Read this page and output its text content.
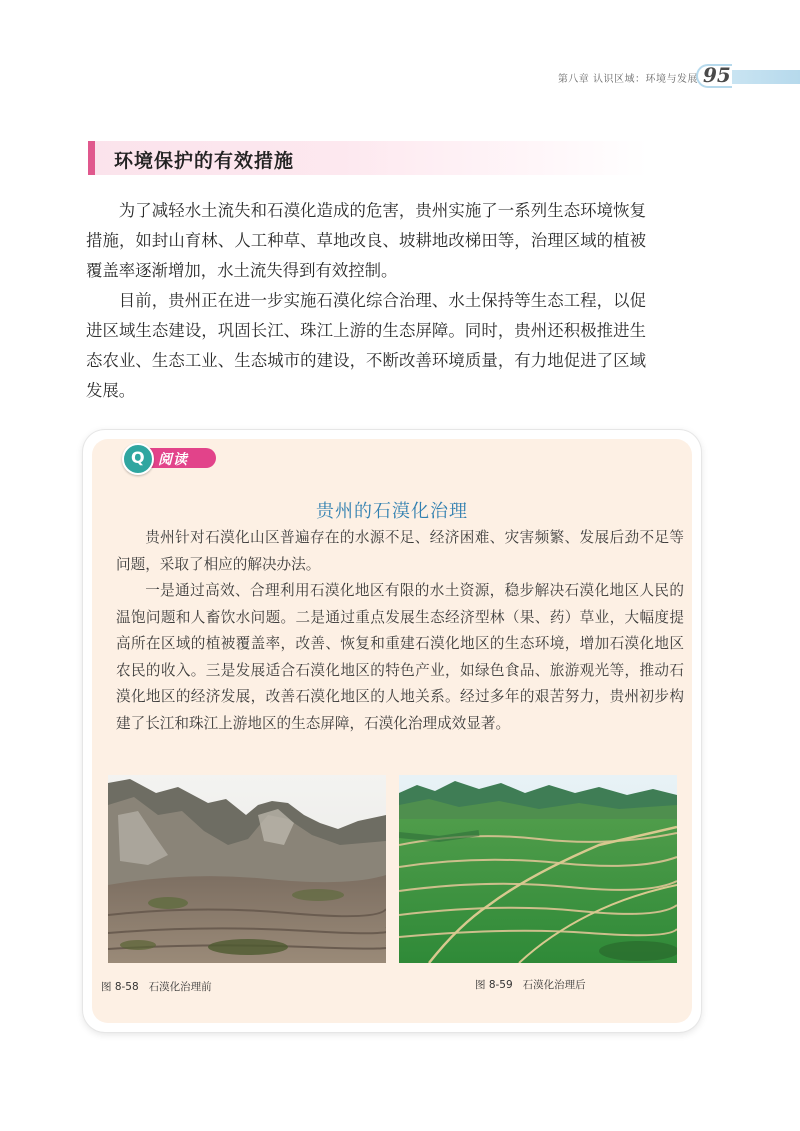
第八章 认识区域：环境与发展 95
环境保护的有效措施

为了减轻水土流失和石漠化造成的危害，贵州实施了一系列生态环境恢复措施，如封山育林、人工种草、草地改良、坡耕地改梯田等，治理区域的植被覆盖率逐渐增加，水土流失得到有效控制。

目前，贵州正在进一步实施石漠化综合治理、水土保持等生态工程，以促进区域生态建设，巩固长江、珠江上游的生态屏障。同时，贵州还积极推进生态农业、生态工业、生态城市的建设，不断改善环境质量，有力地促进了区域发展。

阅读
Q
贵州的石漠化治理

贵州针对石漠化山区普遍存在的水源不足、经济困难、灾害频繁、发展后劲不足等问题，采取了相应的解决办法。

一是通过高效、合理利用石漠化地区有限的水土资源，稳步解决石漠化地区人民的温饱问题和人畜饮水问题。二是通过重点发展生态经济型林（果、药）草业，大幅度提高所在区域的植被覆盖率，改善、恢复和重建石漠化地区的生态环境，增加石漠化地区农民的收入。三是发展适合石漠化地区的特色产业，如绿色食品、旅游观光等，推动石漠化地区的经济发展，改善石漠化地区的人地关系。经过多年的艰苦努力，贵州初步构建了长江和珠江上游地区的生态屏障，石漠化治理成效显著。

图 8-58 石漠化治理前	图 8-59 石漠化治理后
